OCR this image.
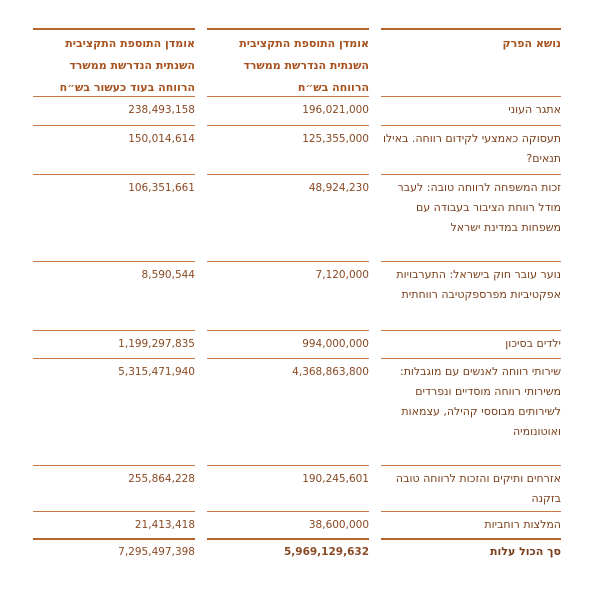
נושא הפרק
אומדן התוספת התקציבית השנתית הנדרשת ממשרד הרווחה בש״ח
אומדן התוספת התקציבית השנתית הנדרשת ממשרד הרווחה בעוד כעשור בש״ח
אתגר העוני
196,021,000
238,493,158
תעסוקה כאמצעי לקידום רווחה. באילו תנאים?
125,355,000
150,014,614
זכות המשפחה לרווחה טובה: לעבר מודל רווחת הציבור בעבודה עם משפחות במדינת ישראל
48,924,230
106,351,661
נוער עובר חוק בישראל: התערבויות אפקטיביות מפרספקטיבה רווחתית
7,120,000
8,590,544
ילדים בסיכון
994,000,000
1,199,297,835
שירותי רווחה לאנשים עם מוגבלות: משירותי רווחה מוסדיים ונפרדים לשירותים מבוססי קהילה, עצמאות ואוטונומיה
4,368,863,800
5,315,471,940
אזרחים ותיקים והזכות לרווחה טובה בזקנה
190,245,601
255,864,228
המלצות רוחביות
38,600,000
21,413,418
סך הכול עלות
5,969,129,632
7,295,497,398
